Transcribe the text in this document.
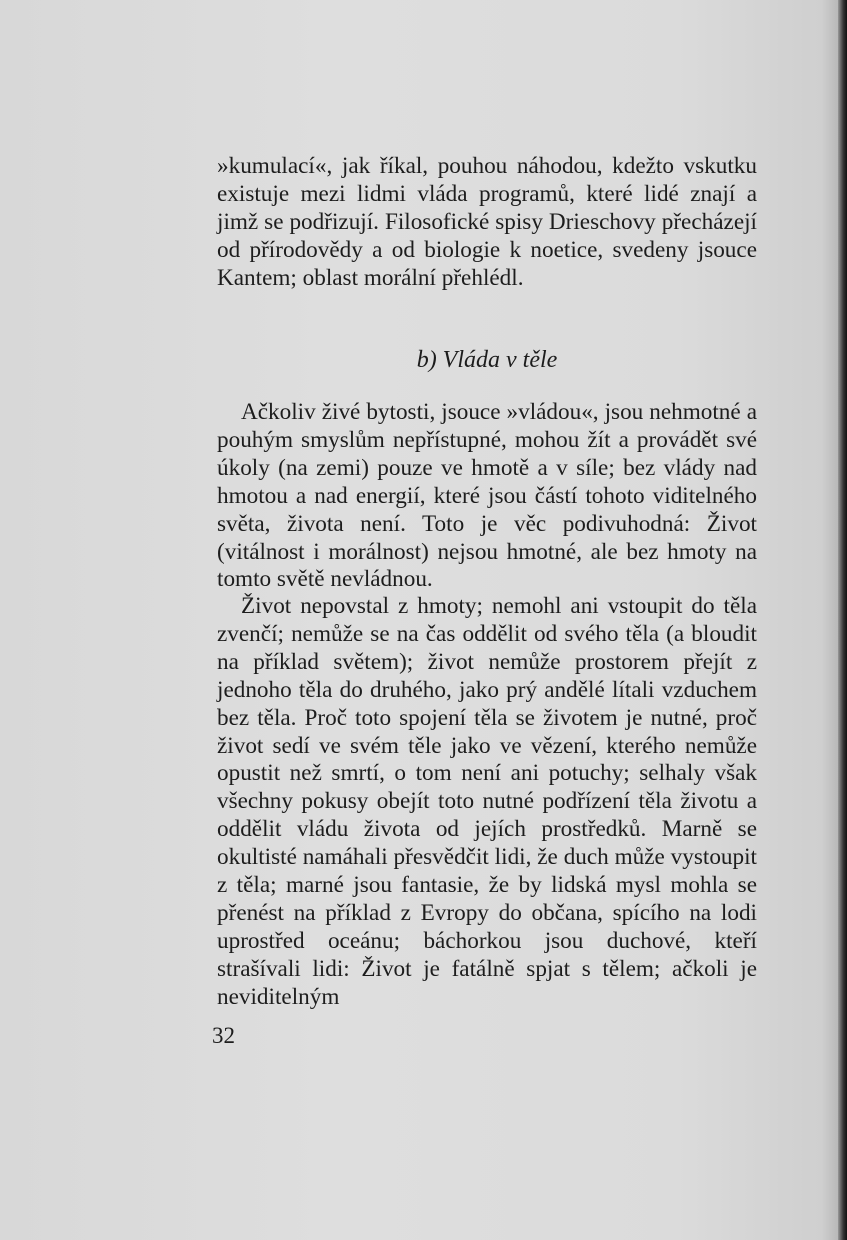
»kumulací«, jak říkal, pouhou náhodou, kdežto vskutku existuje mezi lidmi vláda programů, které lidé znají a jimž se podřizují. Filosofické spisy Drieschovy přecházejí od přírodovědy a od biologie k noetice, svedeny jsouce Kantem; oblast morální přehlédl.

b) Vláda v těle

Ačkoliv živé bytosti, jsouce »vládou«, jsou nehmotné a pouhým smyslům nepřístupné, mohou žít a provádět své úkoly (na zemi) pouze ve hmotě a v síle; bez vlády nad hmotou a nad energií, které jsou částí tohoto viditelného světa, života není. Toto je věc podivuhodná: Život (vitálnost i morálnost) nejsou hmotné, ale bez hmoty na tomto světě nevládnou.

Život nepovstal z hmoty; nemohl ani vstoupit do těla zvenčí; nemůže se na čas oddělit od svého těla (a bloudit na příklad světem); život nemůže prostorem přejít z jednoho těla do druhého, jako prý andělé lítali vzduchem bez těla. Proč toto spojení těla se životem je nutné, proč život sedí ve svém těle jako ve vězení, kterého nemůže opustit než smrtí, o tom není ani potuchy; selhaly však všechny pokusy obejít toto nutné podřízení těla životu a oddělit vládu života od jejích prostředků. Marně se okultisté namáhali přesvědčit lidi, že duch může vystoupit z těla; marné jsou fantasie, že by lidská mysl mohla se přenést na příklad z Evropy do občana, spícího na lodi uprostřed oceánu; báchorkou jsou duchové, kteří strašívali lidi: Život je fatálně spjat s tělem; ačkoli je neviditelným

32
